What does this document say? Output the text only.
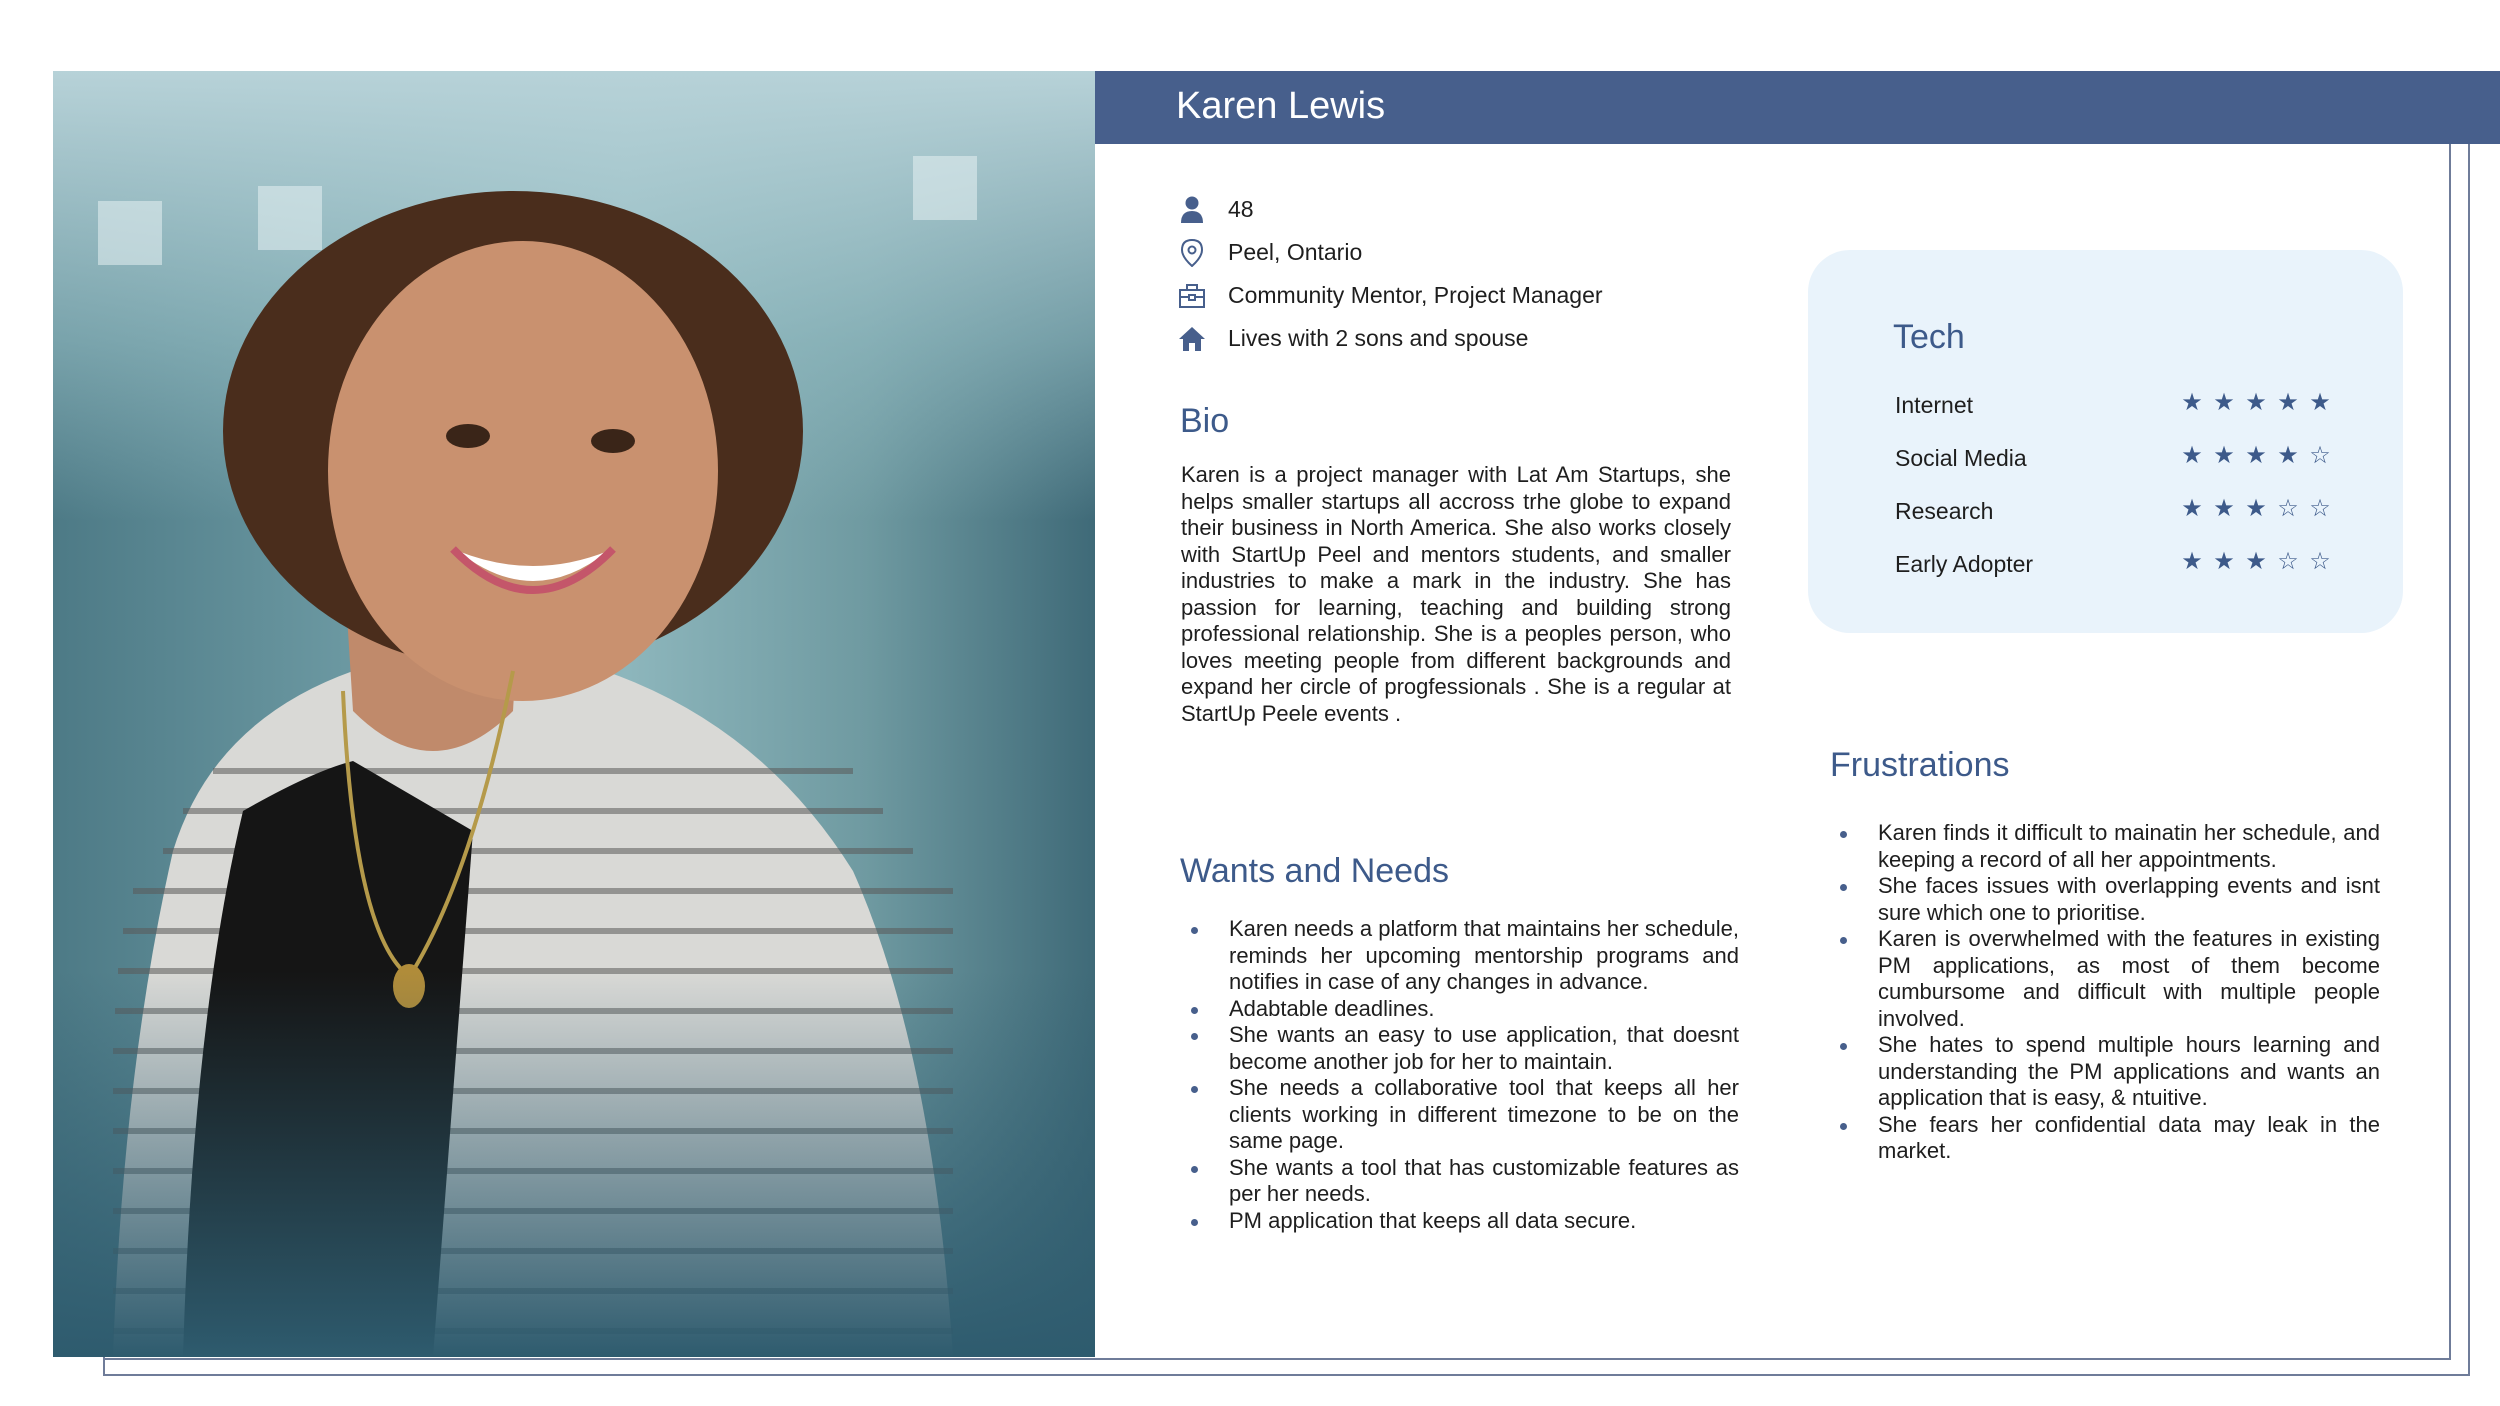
Karen Lewis
48
Peel, Ontario
Community Mentor, Project Manager
Lives with 2 sons and spouse
Bio

Karen is a project manager with Lat Am Startups, she helps smaller startups all accross trhe globe to expand their business in North America. She also works closely with StartUp Peel and mentors students, and smaller industries to make a mark in the industry. She has passion for learning, teaching and building strong professional relationship. She is a peoples person, who loves meeting people from different backgrounds and expand her circle of progfessionals . She is a regular at StartUp Peele events .

Wants and Needs
Karen needs a platform that maintains her schedule, reminds her upcoming mentorship programs and notifies in case of any changes in advance.
Adabtable deadlines.
She wants an easy to use application, that doesnt become another job for her to maintain.
She needs a collaborative tool that keeps all her clients working in different timezone to be on the same page.
She wants a tool that has customizable features as per her needs.
PM application that keeps all data secure.
Tech
Internet	★ ★ ★ ★ ★
Social Media	★ ★ ★ ★ ☆
Research	★ ★ ★ ☆ ☆
Early Adopter	★ ★ ★ ☆ ☆
Frustrations
Karen finds it difficult to mainatin her schedule, and keeping a record of all her appointments.
She faces issues with overlapping events and isnt sure which one to prioritise.
Karen is overwhelmed with the features in existing PM applications, as most of them become cumbursome and difficult with multiple people involved.
She hates to spend multiple hours learning and understanding the PM applications and wants an application that is easy, & ntuitive.
She fears her confidential data may leak in the market.
